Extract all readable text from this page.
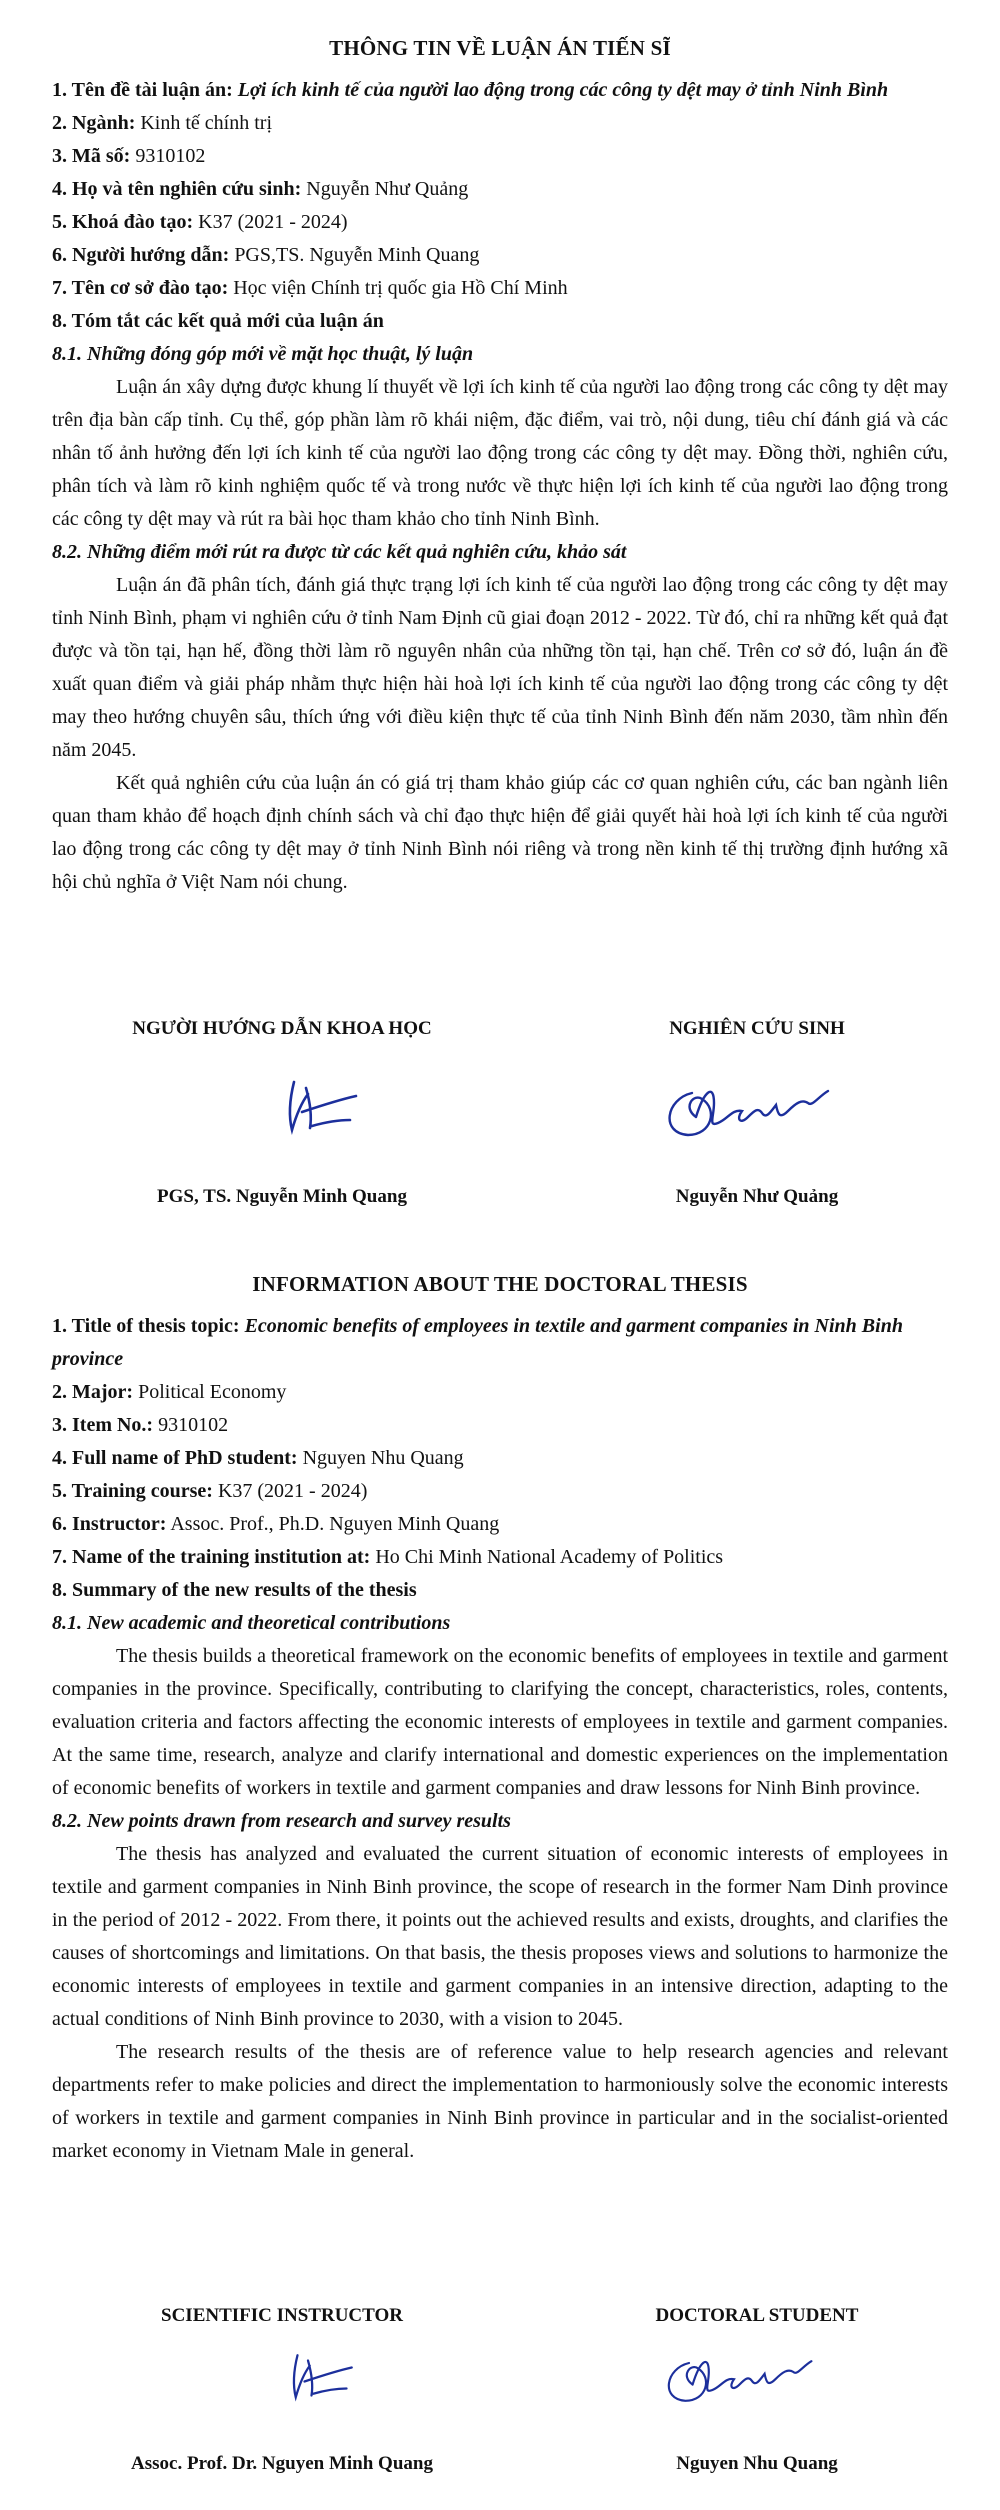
THÔNG TIN VỀ LUẬN ÁN TIẾN SĨ
1. Tên đề tài luận án: Lợi ích kinh tế của người lao động trong các công ty dệt may ở tỉnh Ninh Bình
2. Ngành: Kinh tế chính trị
3. Mã số: 9310102
4. Họ và tên nghiên cứu sinh: Nguyễn Như Quảng
5. Khoá đào tạo: K37 (2021 - 2024)
6. Người hướng dẫn: PGS,TS. Nguyễn Minh Quang
7. Tên cơ sở đào tạo: Học viện Chính trị quốc gia Hồ Chí Minh
8. Tóm tắt các kết quả mới của luận án
8.1. Những đóng góp mới về mặt học thuật, lý luận

Luận án xây dựng được khung lí thuyết về lợi ích kinh tế của người lao động trong các công ty dệt may trên địa bàn cấp tỉnh. Cụ thể, góp phần làm rõ khái niệm, đặc điểm, vai trò, nội dung, tiêu chí đánh giá và các nhân tố ảnh hưởng đến lợi ích kinh tế của người lao động trong các công ty dệt may. Đồng thời, nghiên cứu, phân tích và làm rõ kinh nghiệm quốc tế và trong nước về thực hiện lợi ích kinh tế của người lao động trong các công ty dệt may và rút ra bài học tham khảo cho tỉnh Ninh Bình.

8.2. Những điểm mới rút ra được từ các kết quả nghiên cứu, khảo sát

Luận án đã phân tích, đánh giá thực trạng lợi ích kinh tế của người lao động trong các công ty dệt may tỉnh Ninh Bình, phạm vi nghiên cứu ở tỉnh Nam Định cũ giai đoạn 2012 - 2022. Từ đó, chỉ ra những kết quả đạt được và tồn tại, hạn hế, đồng thời làm rõ nguyên nhân của những tồn tại, hạn chế. Trên cơ sở đó, luận án đề xuất quan điểm và giải pháp nhằm thực hiện hài hoà lợi ích kinh tế của người lao động trong các công ty dệt may theo hướng chuyên sâu, thích ứng với điều kiện thực tế của tỉnh Ninh Bình đến năm 2030, tầm nhìn đến năm 2045.

Kết quả nghiên cứu của luận án có giá trị tham khảo giúp các cơ quan nghiên cứu, các ban ngành liên quan tham khảo để hoạch định chính sách và chỉ đạo thực hiện để giải quyết hài hoà lợi ích kinh tế của người lao động trong các công ty dệt may ở tỉnh Ninh Bình nói riêng và trong nền kinh tế thị trường định hướng xã hội chủ nghĩa ở Việt Nam nói chung.

NGƯỜI HƯỚNG DẪN KHOA HỌC	NGHIÊN CỨU SINH
PGS, TS. Nguyễn Minh Quang	Nguyễn Như Quảng
INFORMATION ABOUT THE DOCTORAL THESIS
1. Title of thesis topic: Economic benefits of employees in textile and garment companies in Ninh Binh province
2. Major: Political Economy
3. Item No.: 9310102
4. Full name of PhD student: Nguyen Nhu Quang
5. Training course: K37 (2021 - 2024)
6. Instructor: Assoc. Prof., Ph.D. Nguyen Minh Quang
7. Name of the training institution at: Ho Chi Minh National Academy of Politics
8. Summary of the new results of the thesis
8.1. New academic and theoretical contributions

The thesis builds a theoretical framework on the economic benefits of employees in textile and garment companies in the province. Specifically, contributing to clarifying the concept, characteristics, roles, contents, evaluation criteria and factors affecting the economic interests of employees in textile and garment companies. At the same time, research, analyze and clarify international and domestic experiences on the implementation of economic benefits of workers in textile and garment companies and draw lessons for Ninh Binh province.

8.2. New points drawn from research and survey results

The thesis has analyzed and evaluated the current situation of economic interests of employees in textile and garment companies in Ninh Binh province, the scope of research in the former Nam Dinh province in the period of 2012 - 2022. From there, it points out the achieved results and exists, droughts, and clarifies the causes of shortcomings and limitations. On that basis, the thesis proposes views and solutions to harmonize the economic interests of employees in textile and garment companies in an intensive direction, adapting to the actual conditions of Ninh Binh province to 2030, with a vision to 2045.

The research results of the thesis are of reference value to help research agencies and relevant departments refer to make policies and direct the implementation to harmoniously solve the economic interests of workers in textile and garment companies in Ninh Binh province in particular and in the socialist-oriented market economy in Vietnam Male in general.

SCIENTIFIC INSTRUCTOR	DOCTORAL STUDENT
Assoc. Prof. Dr. Nguyen Minh Quang	Nguyen Nhu Quang
